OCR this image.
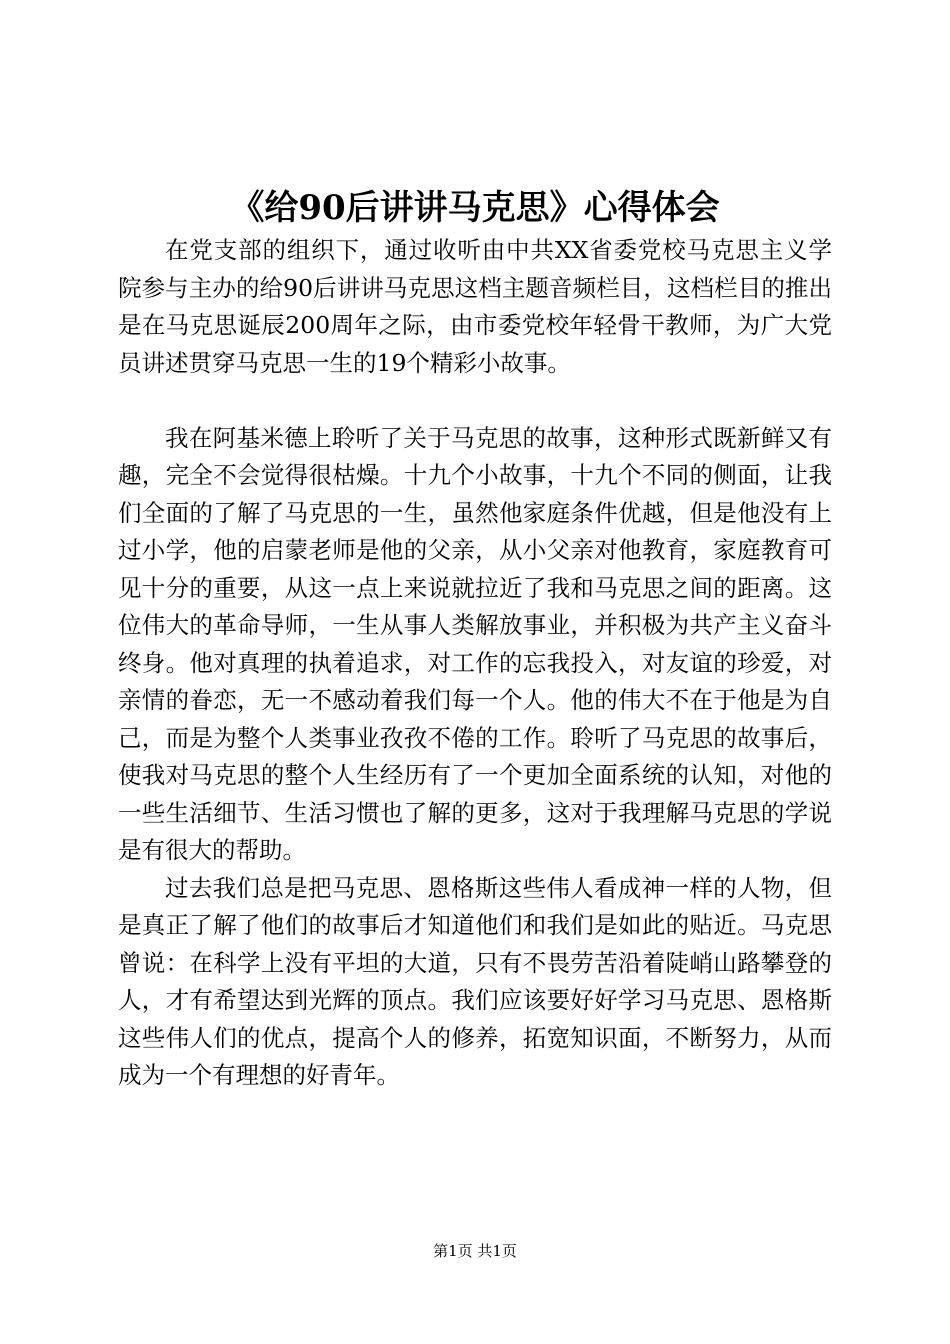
《给90后讲讲马克思》心得体会

在党支部的组织下，通过收听由中共XX省委党校马克思主义学院参与主办的给90后讲讲马克思这档主题音频栏目，这档栏目的推出是在马克思诞辰200周年之际，由市委党校年轻骨干教师，为广大党员讲述贯穿马克思一生的19个精彩小故事。

我在阿基米德上聆听了关于马克思的故事，这种形式既新鲜又有趣，完全不会觉得很枯燥。十九个小故事，十九个不同的侧面，让我们全面的了解了马克思的一生，虽然他家庭条件优越，但是他没有上过小学，他的启蒙老师是他的父亲，从小父亲对他教育，家庭教育可见十分的重要，从这一点上来说就拉近了我和马克思之间的距离。这位伟大的革命导师，一生从事人类解放事业，并积极为共产主义奋斗终身。他对真理的执着追求，对工作的忘我投入，对友谊的珍爱，对亲情的眷恋，无一不感动着我们每一个人。他的伟大不在于他是为自己，而是为整个人类事业孜孜不倦的工作。聆听了马克思的故事后，使我对马克思的整个人生经历有了一个更加全面系统的认知，对他的一些生活细节、生活习惯也了解的更多，这对于我理解马克思的学说是有很大的帮助。

过去我们总是把马克思、恩格斯这些伟人看成神一样的人物，但是真正了解了他们的故事后才知道他们和我们是如此的贴近。马克思曾说：在科学上没有平坦的大道，只有不畏劳苦沿着陡峭山路攀登的人，才有希望达到光辉的顶点。我们应该要好好学习马克思、恩格斯这些伟人们的优点，提高个人的修养，拓宽知识面，不断努力，从而成为一个有理想的好青年。

第1页 共1页
